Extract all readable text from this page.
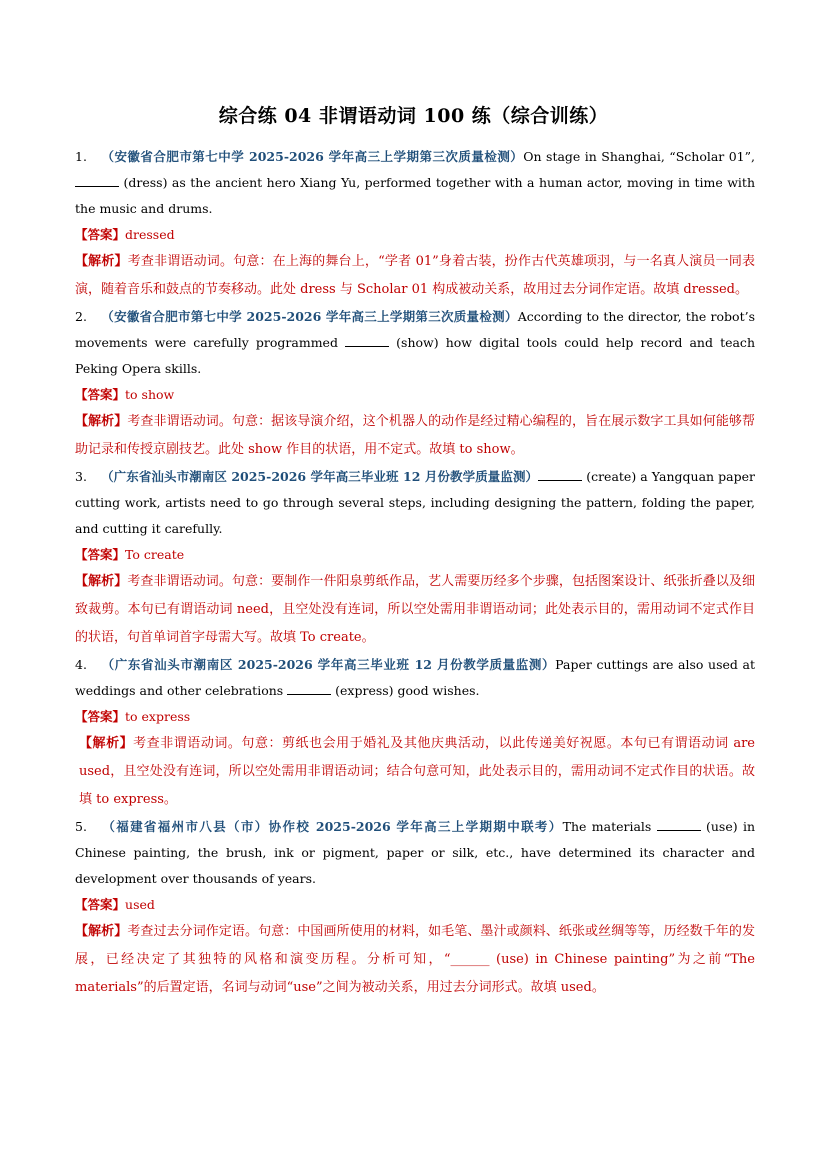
综合练 04 非谓语动词 100 练（综合训练）
1. （安徽省合肥市第七中学 2025-2026 学年高三上学期第三次质量检测）On stage in Shanghai, “Scholar 01”,  (dress) as the ancient hero Xiang Yu, performed together with a human actor, moving in time with the music and drums.
【答案】dressed
【解析】考查非谓语动词。句意：在上海的舞台上，“学者 01”身着古装，扮作古代英雄项羽，与一名真人演员一同表演，随着音乐和鼓点的节奏移动。此处 dress 与 Scholar 01 构成被动关系，故用过去分词作定语。故填 dressed。
2. （安徽省合肥市第七中学 2025-2026 学年高三上学期第三次质量检测）According to the director, the robot’s movements were carefully programmed	(show) how digital tools could help record and teach Peking Opera skills.
【答案】to show
【解析】考查非谓语动词。句意：据该导演介绍，这个机器人的动作是经过精心编程的，旨在展示数字工具如何能够帮助记录和传授京剧技艺。此处 show 作目的状语，用不定式。故填 to show。
3. （广东省汕头市潮南区 2025-2026 学年高三毕业班 12 月份教学质量监测）	(create) a Yangquan paper cutting work, artists need to go through several steps, including designing the pattern, folding the paper, and cutting it carefully.
【答案】To create
【解析】考查非谓语动词。句意：要制作一件阳泉剪纸作品，艺人需要历经多个步骤，包括图案设计、纸张折叠以及细致裁剪。本句已有谓语动词 need，且空处没有连词，所以空处需用非谓语动词；此处表示目的，需用动词不定式作目的状语，句首单词首字母需大写。故填 To create。
4. （广东省汕头市潮南区 2025-2026 学年高三毕业班 12 月份教学质量监测）Paper cuttings are also used at weddings and other celebrations	(express) good wishes.
【答案】to express
【解析】考查非谓语动词。句意：剪纸也会用于婚礼及其他庆典活动，以此传递美好祝愿。本句已有谓语动词 are used，且空处没有连词，所以空处需用非谓语动词；结合句意可知，此处表示目的，需用动词不定式作目的状语。故填 to express。
5. （福建省福州市八县（市）协作校 2025-2026 学年高三上学期期中联考）The materials	(use) in Chinese painting, the brush, ink or pigment, paper or silk, etc., have determined its character and development over thousands of years.
【答案】used
【解析】考查过去分词作定语。句意：中国画所使用的材料，如毛笔、墨汁或颜料、纸张或丝绸等等，历经数千年的发展，已经决定了其独特的风格和演变历程。分析可知，“______ (use) in Chinese painting”为之前“The materials”的后置定语，名词与动词“use”之间为被动关系，用过去分词形式。故填 used。
